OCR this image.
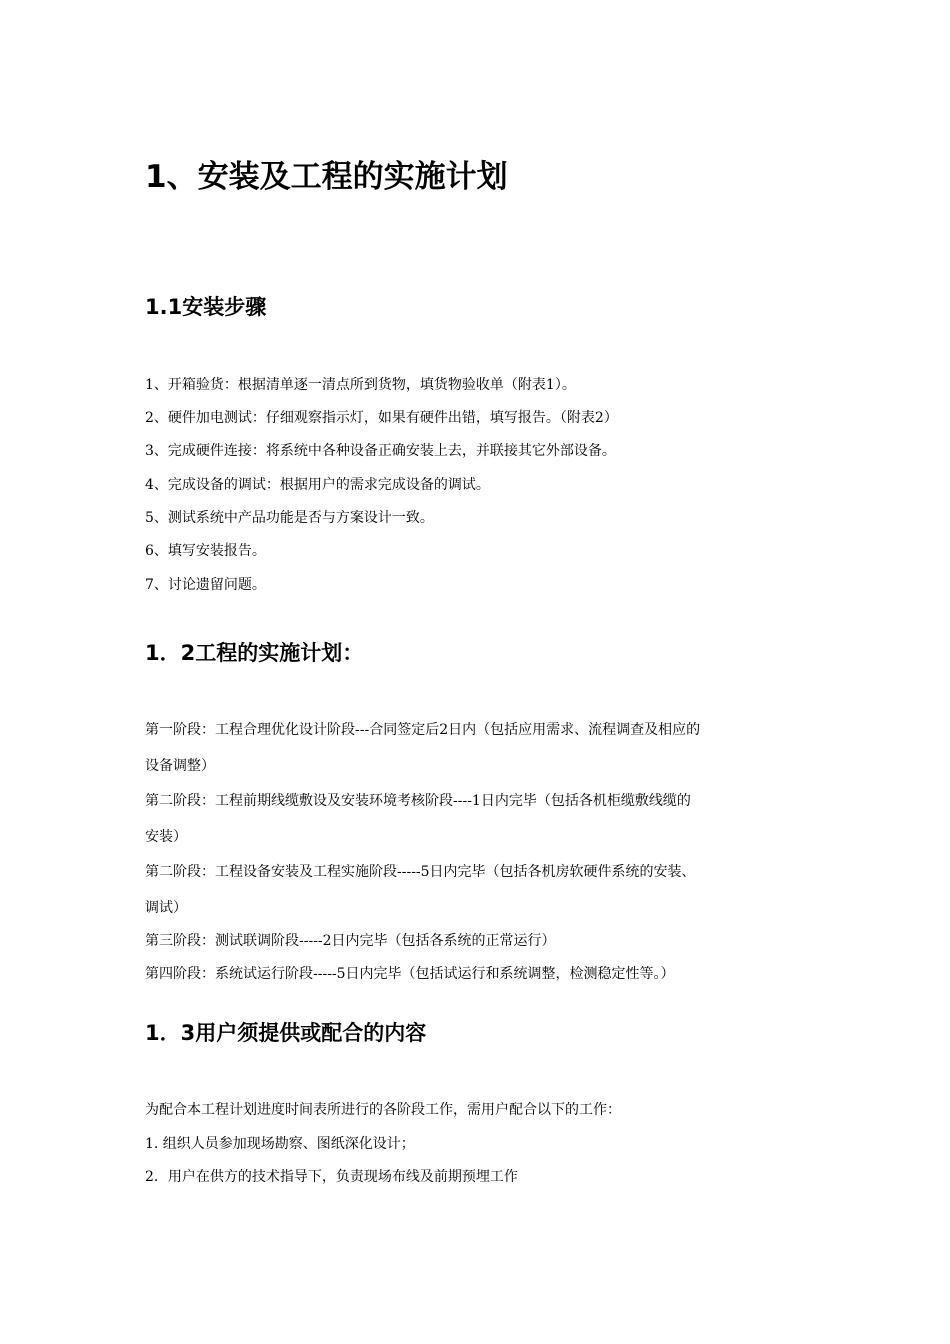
1、安装及工程的实施计划
1.1安装步骤

1、开箱验货：根据清单逐一清点所到货物，填货物验收单（附表1）。

2、硬件加电测试：仔细观察指示灯，如果有硬件出错，填写报告。（附表2）

3、完成硬件连接：将系统中各种设备正确安装上去，并联接其它外部设备。

4、完成设备的调试：根据用户的需求完成设备的调试。

5、测试系统中产品功能是否与方案设计一致。

6、填写安装报告。

7、讨论遗留问题。

1．2工程的实施计划：

第一阶段：工程合理优化设计阶段---合同签定后2日内（包括应用需求、流程调查及相应的

设备调整）

第二阶段：工程前期线缆敷设及安装环境考核阶段----1日内完毕（包括各机柜缆敷线缆的

安装）

第二阶段：工程设备安装及工程实施阶段-----5日内完毕（包括各机房软硬件系统的安装、

调试）

第三阶段：测试联调阶段-----2日内完毕（包括各系统的正常运行）

第四阶段：系统试运行阶段-----5日内完毕（包括试运行和系统调整，检测稳定性等。）

1．3用户须提供或配合的内容

为配合本工程计划进度时间表所进行的各阶段工作，需用户配合以下的工作：

1. 组织人员参加现场勘察、图纸深化设计；

2．用户在供方的技术指导下，负责现场布线及前期预埋工作
